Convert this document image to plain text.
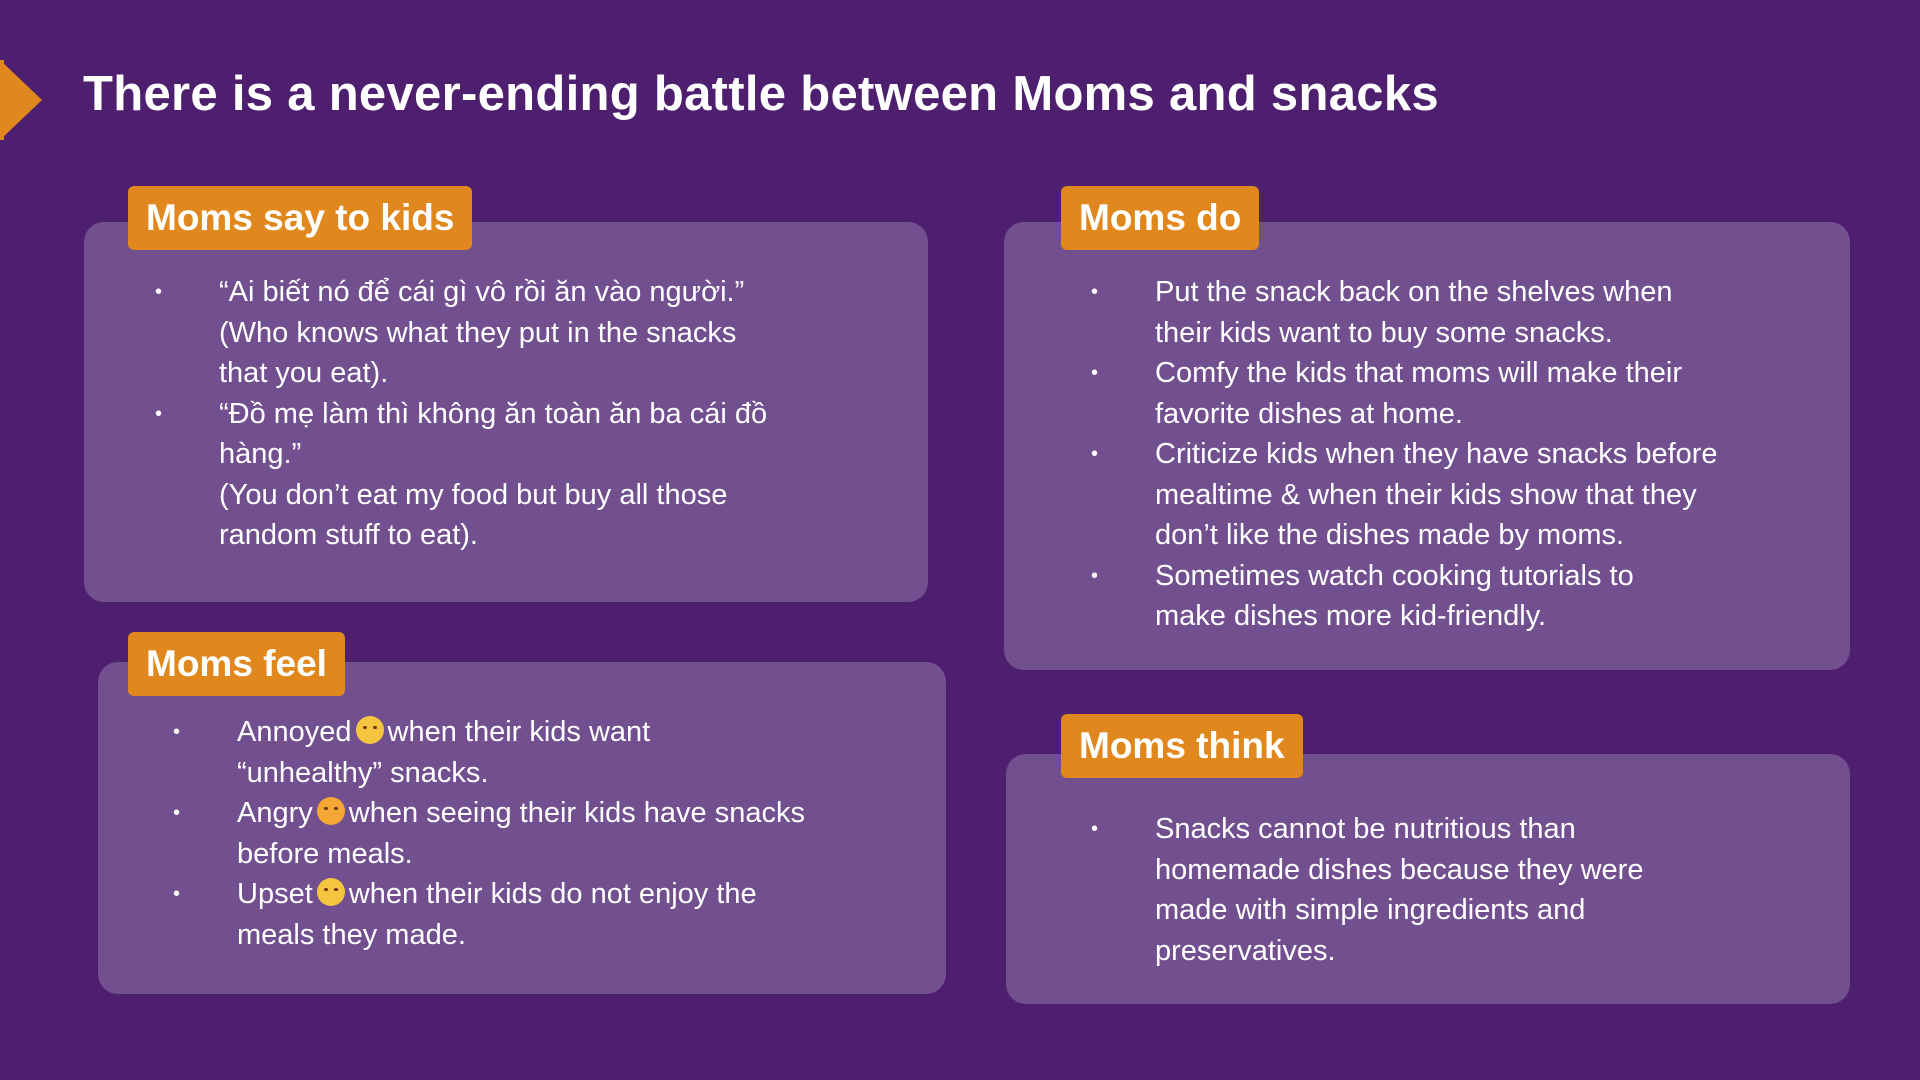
There is a never-ending battle between Moms and snacks
Moms say to kids
• “Ai biết nó để cái gì vô rồi ăn vào người.”
(Who knows what they put in the snacks
that you eat).
• “Đồ mẹ làm thì không ăn toàn ăn ba cái đồ
hàng.”
(You don’t eat my food but buy all those
random stuff to eat).
Moms do
• Put the snack back on the shelves when
their kids want to buy some snacks.
• Comfy the kids that moms will make their
favorite dishes at home.
• Criticize kids when they have snacks before
mealtime & when their kids show that they
don’t like the dishes made by moms.
• Sometimes watch cooking tutorials to
make dishes more kid-friendly.
Moms feel
• Annoyed when their kids want
“unhealthy” snacks.
• Angry when seeing their kids have snacks
before meals.
• Upset when their kids do not enjoy the
meals they made.
Moms think
• Snacks cannot be nutritious than
homemade dishes because they were
made with simple ingredients and
preservatives.
